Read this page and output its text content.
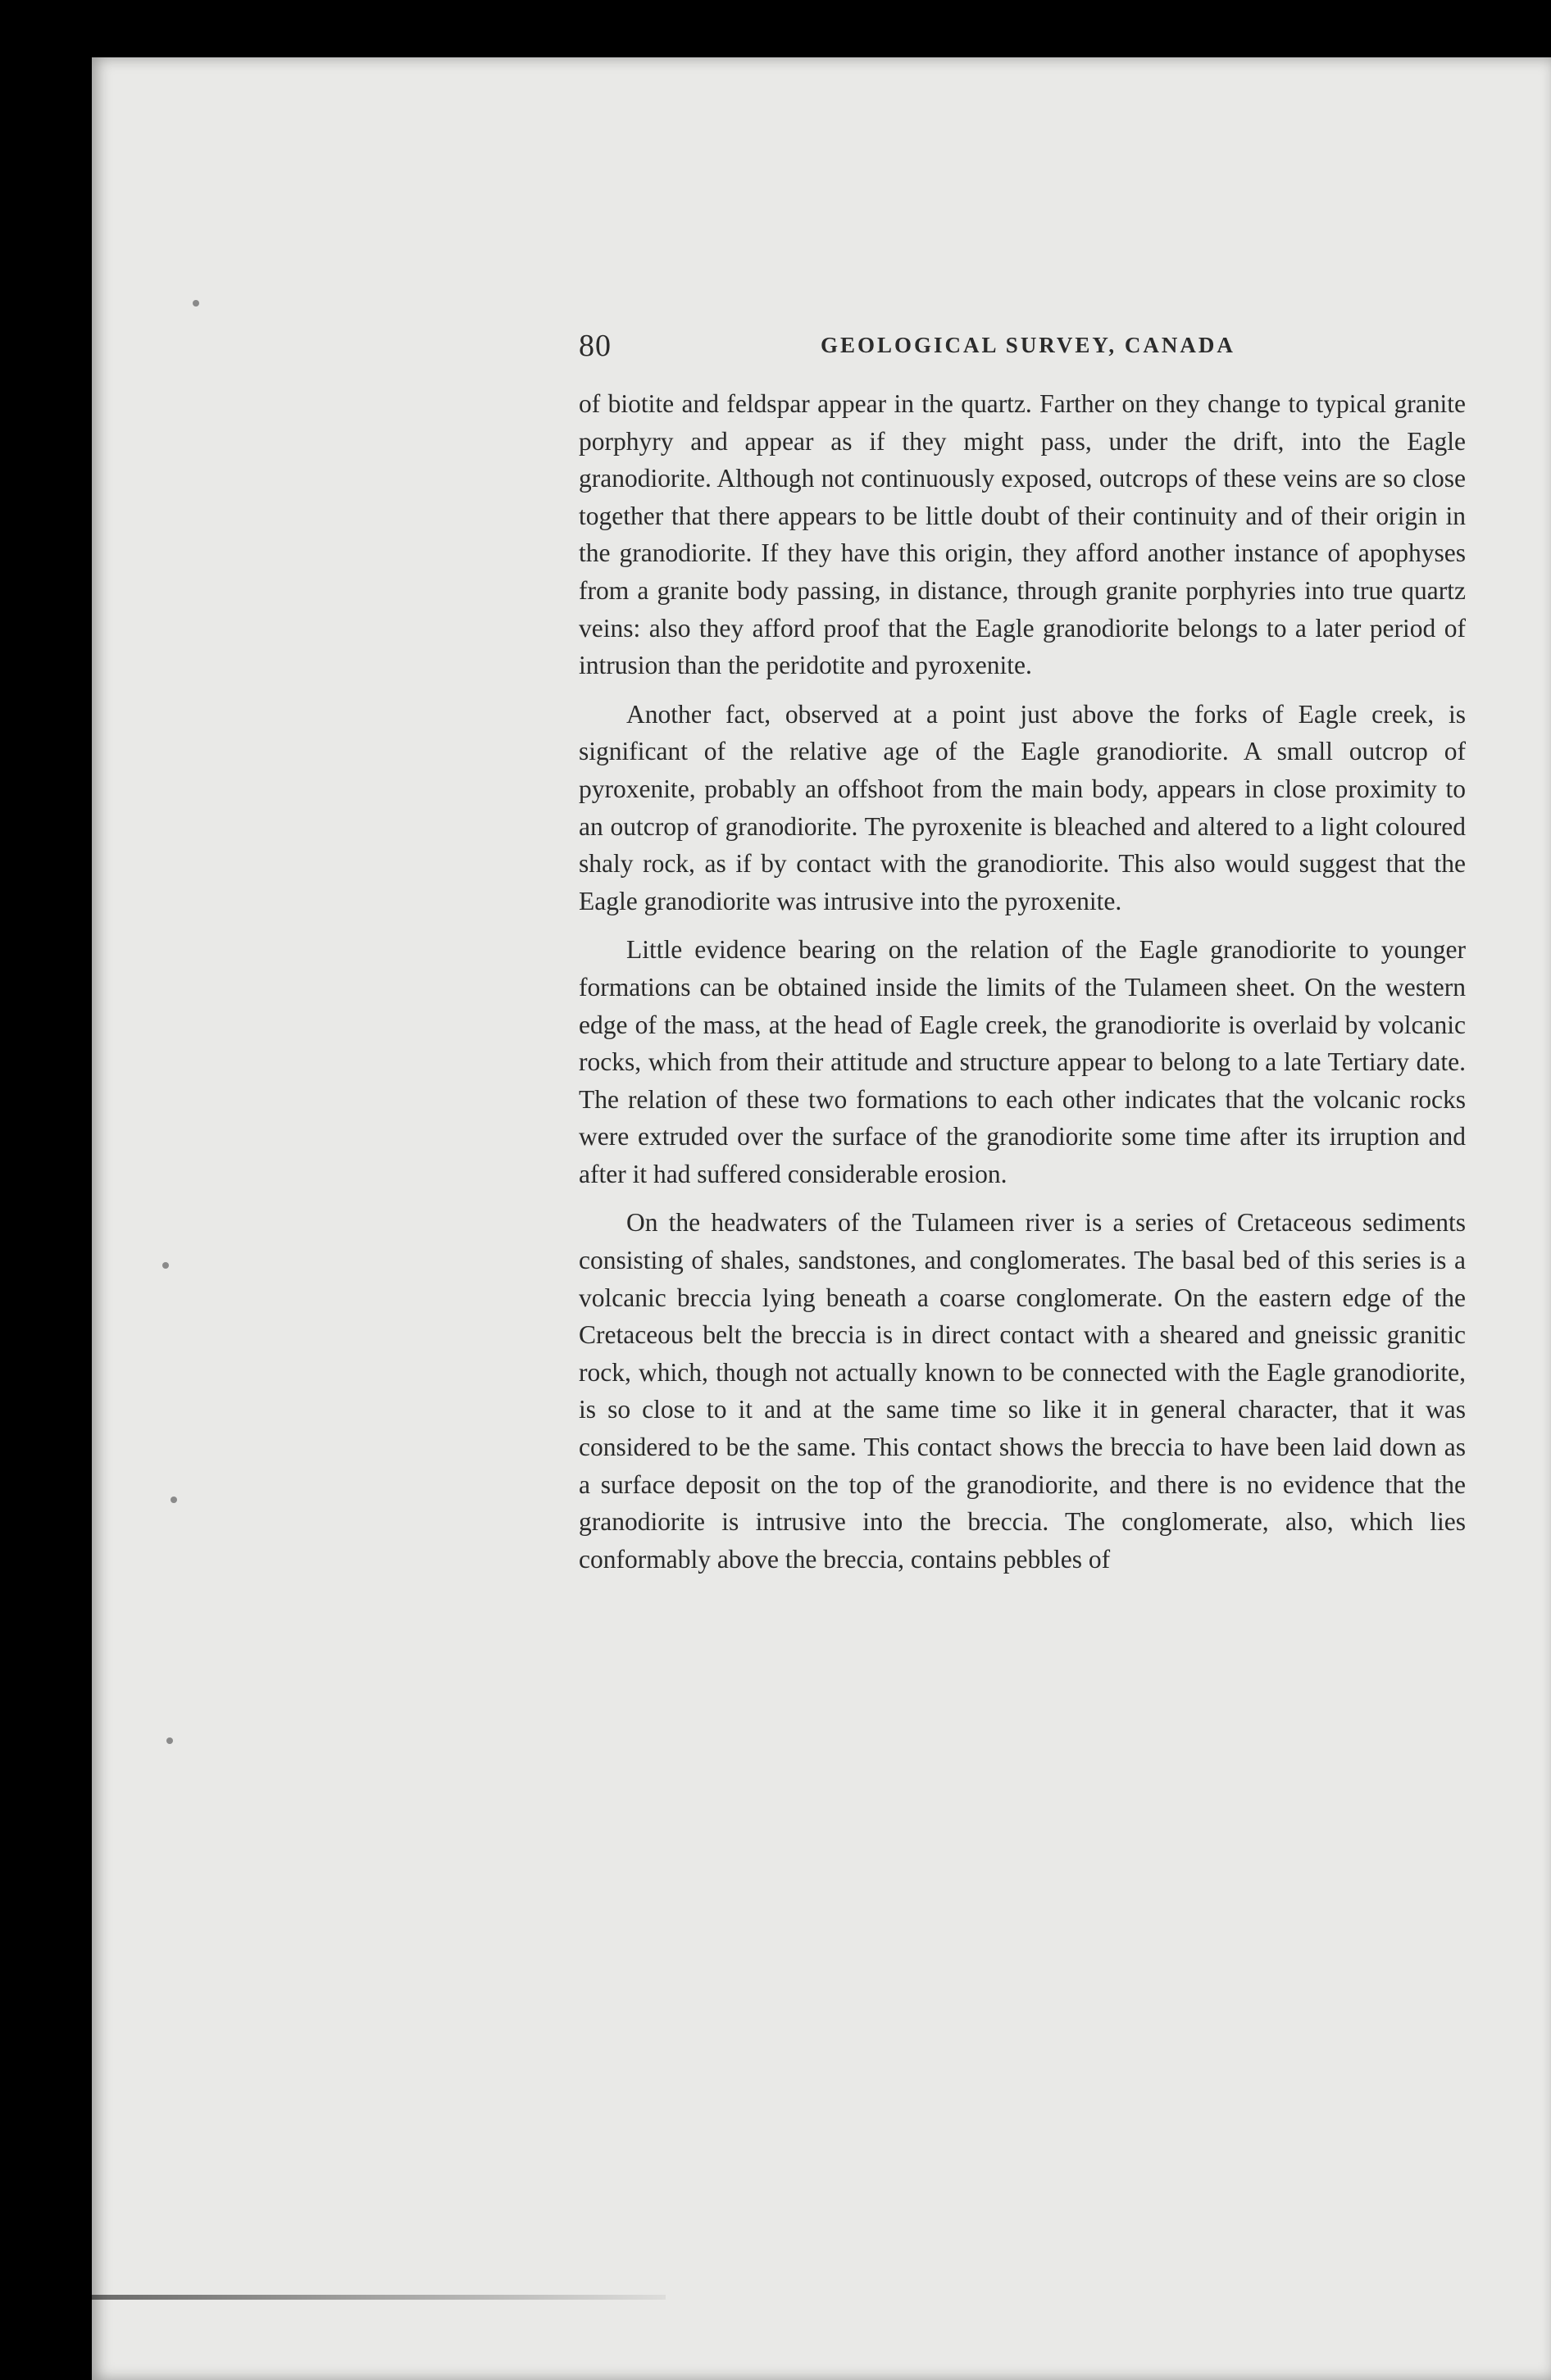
80	GEOLOGICAL SURVEY, CANADA

of biotite and feldspar appear in the quartz. Farther on they change to typical granite porphyry and appear as if they might pass, under the drift, into the Eagle granodiorite. Although not continuously exposed, outcrops of these veins are so close together that there appears to be little doubt of their continuity and of their origin in the granodiorite. If they have this origin, they afford another instance of apophyses from a granite body passing, in distance, through granite porphyries into true quartz veins: also they afford proof that the Eagle granodiorite belongs to a later period of intrusion than the peridotite and pyroxenite.

Another fact, observed at a point just above the forks of Eagle creek, is significant of the relative age of the Eagle granodiorite. A small outcrop of pyroxenite, probably an offshoot from the main body, appears in close proximity to an outcrop of granodiorite. The pyroxenite is bleached and altered to a light coloured shaly rock, as if by contact with the granodiorite. This also would suggest that the Eagle granodiorite was intrusive into the pyroxenite.

Little evidence bearing on the relation of the Eagle granodiorite to younger formations can be obtained inside the limits of the Tulameen sheet. On the western edge of the mass, at the head of Eagle creek, the granodiorite is overlaid by volcanic rocks, which from their attitude and structure appear to belong to a late Tertiary date. The relation of these two formations to each other indicates that the volcanic rocks were extruded over the surface of the granodiorite some time after its irruption and after it had suffered considerable erosion.

On the headwaters of the Tulameen river is a series of Cretaceous sediments consisting of shales, sandstones, and conglomerates. The basal bed of this series is a volcanic breccia lying beneath a coarse conglomerate. On the eastern edge of the Cretaceous belt the breccia is in direct contact with a sheared and gneissic granitic rock, which, though not actually known to be connected with the Eagle granodiorite, is so close to it and at the same time so like it in general character, that it was considered to be the same. This contact shows the breccia to have been laid down as a surface deposit on the top of the granodiorite, and there is no evidence that the granodiorite is intrusive into the breccia. The conglomerate, also, which lies conformably above the breccia, contains pebbles of
